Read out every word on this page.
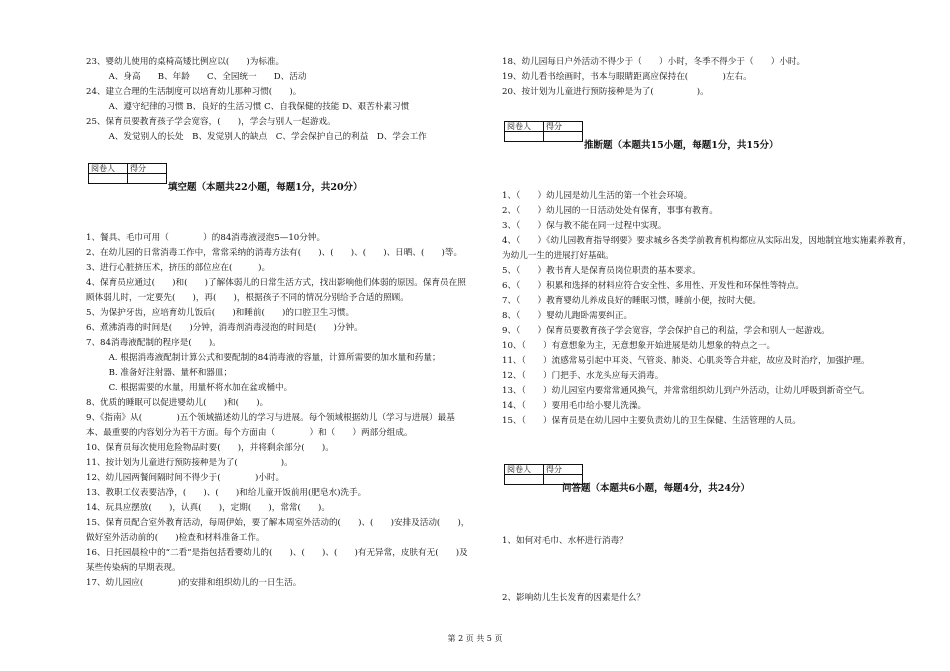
23、婴幼儿使用的桌椅高矮比例应以(　　)为标准。
　A、身高　　B、年龄　　C、全园统一　　D、活动
24、建立合理的生活制度可以培育幼儿那种习惯(　　)。
　A、遵守纪律的习惯 B、良好的生活习惯 C、自我保健的技能 D、艰苦朴素习惯
25、保育员要教育孩子学会宽容，(　　)，学会与别人一起游戏。
　A、发觉别人的长处　B、发觉别人的缺点　C、学会保护自己的利益　D、学会工作
阅卷人	得分

填空题（本题共22小题，每题1分，共20分）
1、餐具、毛巾可用（　　　　）的84消毒液浸泡5—10分钟。
2、在幼儿园的日常消毒工作中，常常采纳的消毒方法有(　　)、(　　)、(　　)、日晒、(　　)等。
3、进行心脏挤压术，挤压的部位应在(　　　)。
4、保育员应通过(　　)和(　　)了解体弱儿的日常生活方式，找出影响他们体弱的原因。保育员在照顾体弱儿时，一定要先(　　)，再(　　)，根据孩子不同的情况分别给予合适的照顾。
5、为保护牙齿，应培育幼儿饭后(　　)和睡前(　　)的口腔卫生习惯。
6、煮沸消毒的时间是(　　)分钟，消毒剂消毒浸泡的时间是(　　)分钟。
7、84消毒液配制的程序是(　　)。
　A. 根据消毒液配制计算公式和要配制的84消毒液的容量，计算所需要的加水量和药量；
　B. 准备好注射器、量杯和器皿；
　C. 根据需要的水量，用量杯将水加在盆或桶中。
8、优质的睡眠可以促进婴幼儿(　　)和(　　)。
9、《指南》从(　　　　)五个领域描述幼儿的学习与进展。每个领域根据幼儿（学习与进展）最基本、最重要的内容划分为若干方面。每个方面由（　　　　）和（　　）两部分组成。
10、保育员每次使用危险物品时要(　　)，并将剩余部分(　　)。
11、按计划为儿童进行预防接种是为了(　　　　　)。
12、幼儿园两餐间隔时间不得少于(　　　　)小时。
13、教职工仪表要洁净，(　　)、(　　)和给儿童开饭前用(肥皂水)洗手。
14、玩具应摆放(　　)，认真(　　)，定期(　　)，常常(　　)。
15、保育员配合室外教育活动，每周伊始，要了解本周室外活动的(　　)、(　　)安排及活动(　　)，做好室外活动前的(　　)检查和材料准备工作。
16、日托园晨检中的“二看”是指包括看婴幼儿的(　　)、(　　)、(　　)有无异常，皮肤有无(　　)及某些传染病的早期表现。
17、幼儿园应(　　　　)的安排和组织幼儿的一日生活。
18、幼儿园每日户外活动不得少于（　　）小时，冬季不得少于（　　）小时。
19、幼儿看书绘画时，书本与眼睛距离应保持在(　　　　)左右。
20、按计划为儿童进行预防接种是为了(　　　　　)。
阅卷人	得分

推断题（本题共15小题，每题1分，共15分）
1、（　　）幼儿园是幼儿生活的第一个社会环境。
2、（　　）幼儿园的一日活动处处有保育，事事有教育。
3、（　　）保与教不能在同一过程中实现。
4、（　　）《幼儿园教育指导纲要》要求城乡各类学前教育机构都应从实际出发，因地制宜地实施素养教育，为幼儿一生的进展打好基础。
5、（　　）教书育人是保育员岗位职责的基本要求。
6、（　　）积累和选择的材料应符合安全性、多用性、开发性和环保性等特点。
7、（　　）教育婴幼儿养成良好的睡眠习惯，睡前小便，按时大便。
8、（　　）婴幼儿跑卧需要纠正。
9、（　　）保育员要教育孩子学会宽容，学会保护自己的利益，学会和别人一起游戏。
10、（　　）有意想象为主，无意想象开始进展是幼儿想象的特点之一。
11、（　　）流感常易引起中耳炎、气管炎、肺炎、心肌炎等合并症，故应及时治疗，加强护理。
12、（　　）门把手、水龙头应每天消毒。
13、（　　）幼儿园室内要常常通风换气，并常常组织幼儿到户外活动，让幼儿呼吸到新奇空气。
14、（　　）要用毛巾给小婴儿洗澡。
15、（　　）保育员是在幼儿园中主要负责幼儿的卫生保健、生活管理的人员。
阅卷人	得分

问答题（本题共6小题，每题4分，共24分）
1、如何对毛巾、水杯进行消毒？
2、影响幼儿生长发育的因素是什么？
第 2 页 共 5 页
